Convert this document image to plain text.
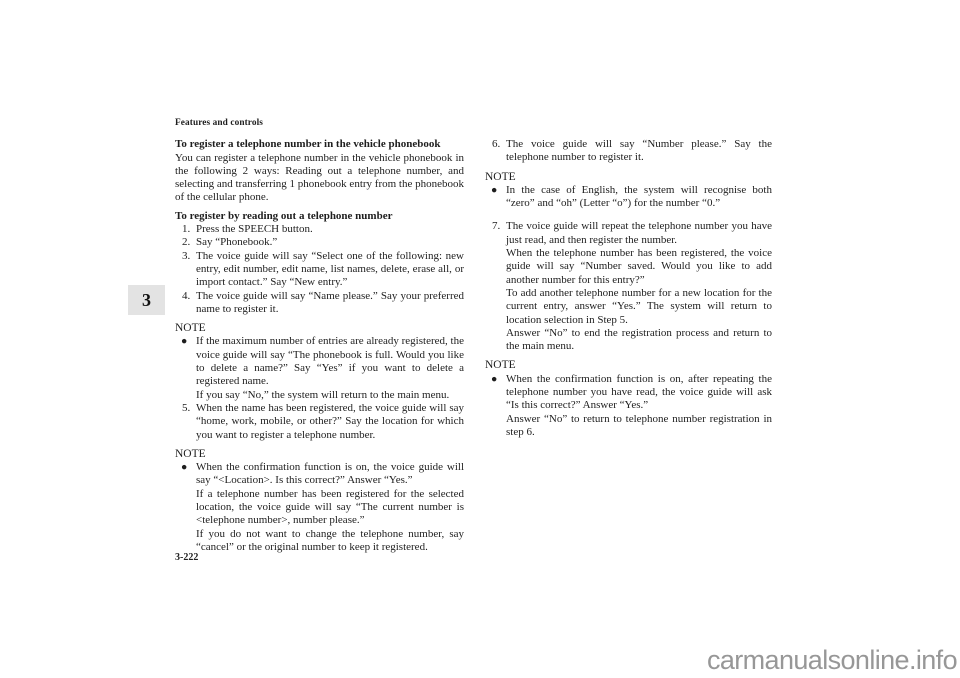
3
Features and controls
To register a telephone number in the vehicle phonebook
You can register a telephone number in the vehicle phonebook in the following 2 ways: Reading out a telephone number, and selecting and transferring 1 phonebook entry from the phonebook of the cellular phone.
To register by reading out a telephone number
1. Press the SPEECH button.
2. Say “Phonebook.”
3. The voice guide will say “Select one of the following: new entry, edit number, edit name, list names, delete, erase all, or import contact.” Say “New entry.”
4. The voice guide will say “Name please.” Say your preferred name to register it.
NOTE
● If the maximum number of entries are already registered, the voice guide will say “The phonebook is full. Would you like to delete a name?” Say “Yes” if you want to delete a registered name.
If you say “No,” the system will return to the main menu.
5. When the name has been registered, the voice guide will say “home, work, mobile, or other?” Say the location for which you want to register a telephone number.
NOTE
● When the confirmation function is on, the voice guide will say “<Location>. Is this correct?” Answer “Yes.”
If a telephone number has been registered for the selected location, the voice guide will say “The current number is <telephone number>, number please.”
If you do not want to change the telephone number, say “cancel” or the original number to keep it registered.
6. The voice guide will say “Number please.” Say the telephone number to register it.
NOTE
● In the case of English, the system will recognise both “zero” and “oh” (Letter “o”) for the number “0.”
7. The voice guide will repeat the telephone number you have just read, and then register the number.
When the telephone number has been registered, the voice guide will say “Number saved. Would you like to add another number for this entry?”
To add another telephone number for a new location for the current entry, answer “Yes.” The system will return to location selection in Step 5.
Answer “No” to end the registration process and return to the main menu.
NOTE
● When the confirmation function is on, after repeating the telephone number you have read, the voice guide will ask “Is this correct?” Answer “Yes.”
Answer “No” to return to telephone number registration in step 6.
3-222
carmanualsonline.info
